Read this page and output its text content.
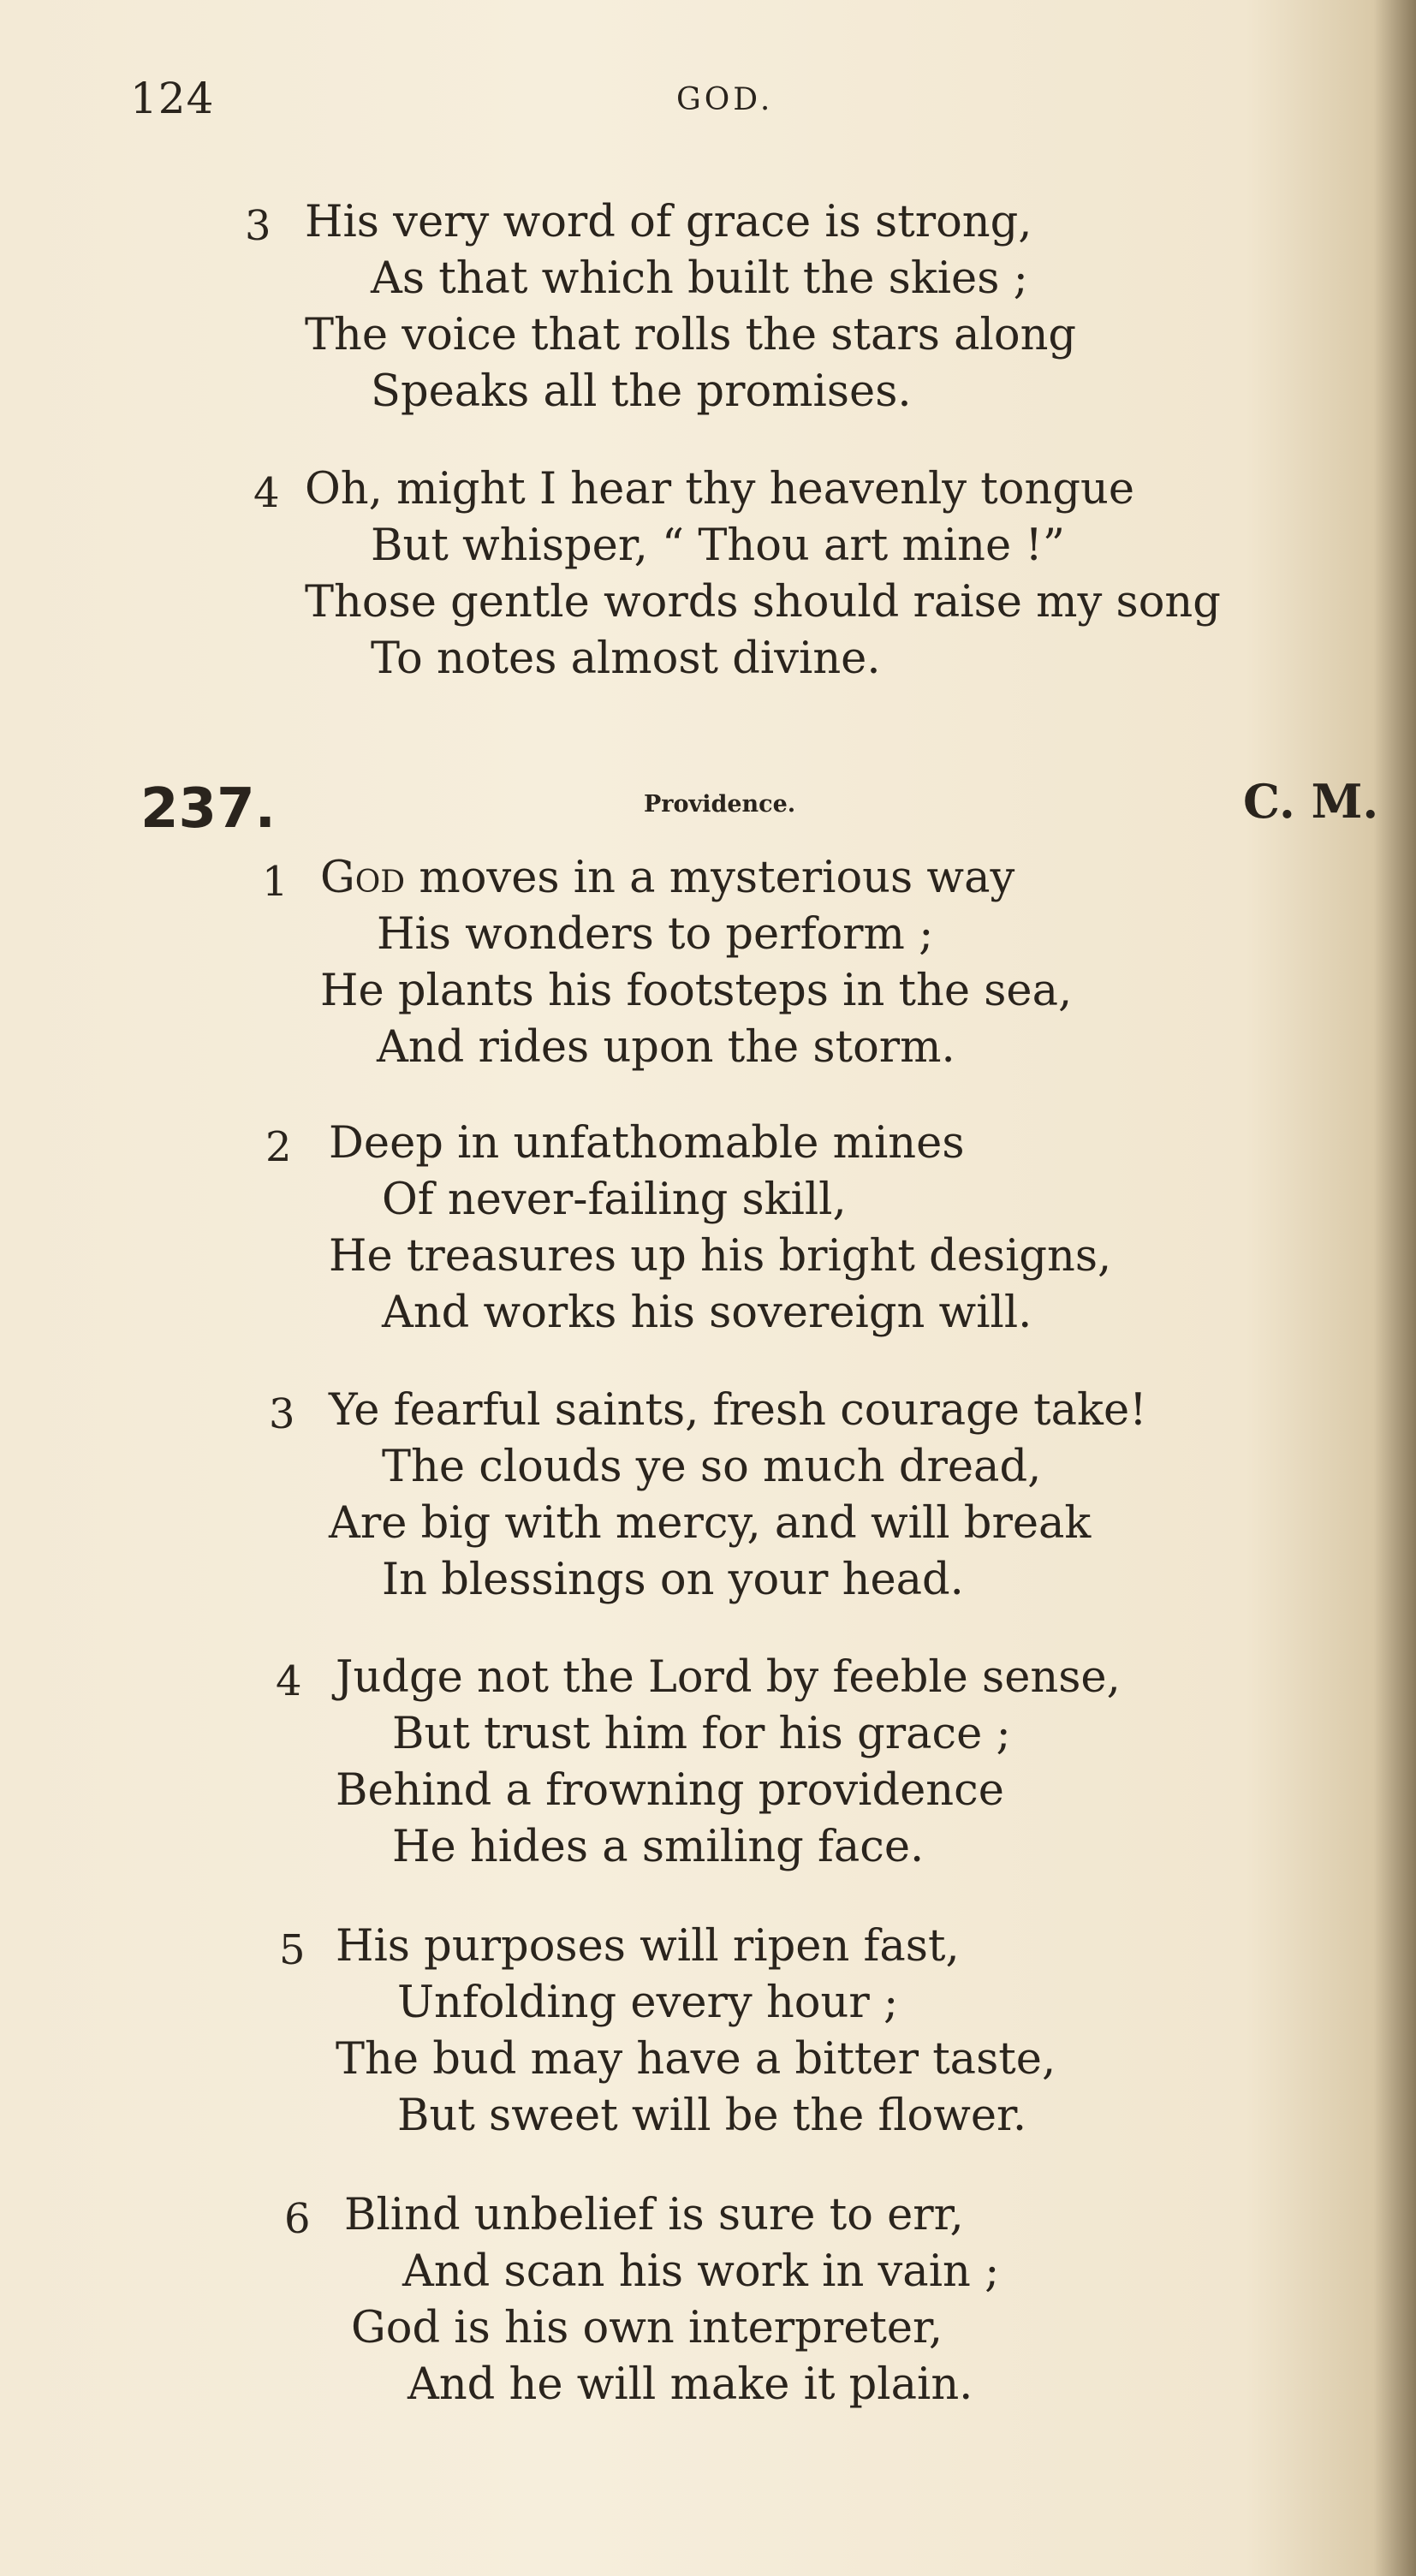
124	GOD.
3 His very word of grace is strong,
As that which built the skies ;
The voice that rolls the stars along
Speaks all the promises.
4 Oh, might I hear thy heavenly tongue
But whisper, “ Thou art mine !”
Those gentle words should raise my song
To notes almost divine.
237.	Providence.	C. M.
1 God moves in a mysterious way
His wonders to perform ;
He plants his footsteps in the sea,
And rides upon the storm.
2 Deep in unfathomable mines
Of never-failing skill,
He treasures up his bright designs,
And works his sovereign will.
3 Ye fearful saints, fresh courage take!
The clouds ye so much dread,
Are big with mercy, and will break
In blessings on your head.
4 Judge not the Lord by feeble sense,
But trust him for his grace ;
Behind a frowning providence
He hides a smiling face.
5 His purposes will ripen fast,
Unfolding every hour ;
The bud may have a bitter taste,
But sweet will be the flower.
6 Blind unbelief is sure to err,
And scan his work in vain ;
God is his own interpreter,
And he will make it plain.
